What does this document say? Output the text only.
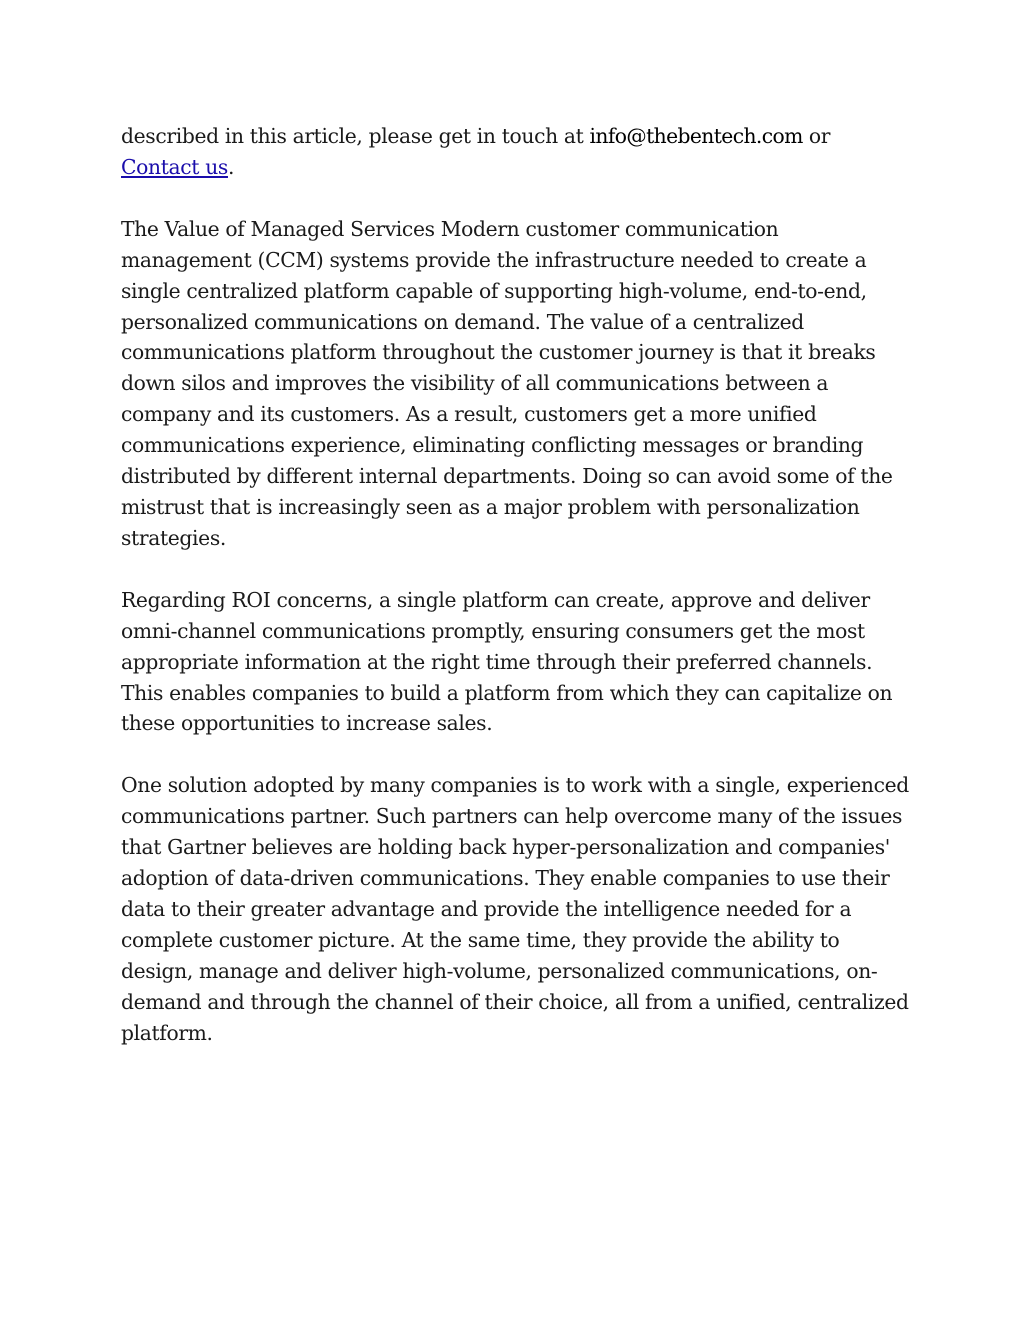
described in this article, please get in touch at info@thebentech.com or Contact us.

The Value of Managed Services Modern customer communication management (CCM) systems provide the infrastructure needed to create a single centralized platform capable of supporting high-volume, end-to-end, personalized communications on demand. The value of a centralized communications platform throughout the customer journey is that it breaks down silos and improves the visibility of all communications between a company and its customers. As a result, customers get a more unified communications experience, eliminating conflicting messages or branding distributed by different internal departments. Doing so can avoid some of the mistrust that is increasingly seen as a major problem with personalization strategies.

Regarding ROI concerns, a single platform can create, approve and deliver omni-channel communications promptly, ensuring consumers get the most appropriate information at the right time through their preferred channels. This enables companies to build a platform from which they can capitalize on these opportunities to increase sales.

One solution adopted by many companies is to work with a single, experienced communications partner. Such partners can help overcome many of the issues that Gartner believes are holding back hyper-personalization and companies' adoption of data-driven communications. They enable companies to use their data to their greater advantage and provide the intelligence needed for a complete customer picture. At the same time, they provide the ability to design, manage and deliver high-volume, personalized communications, on-demand and through the channel of their choice, all from a unified, centralized platform.
